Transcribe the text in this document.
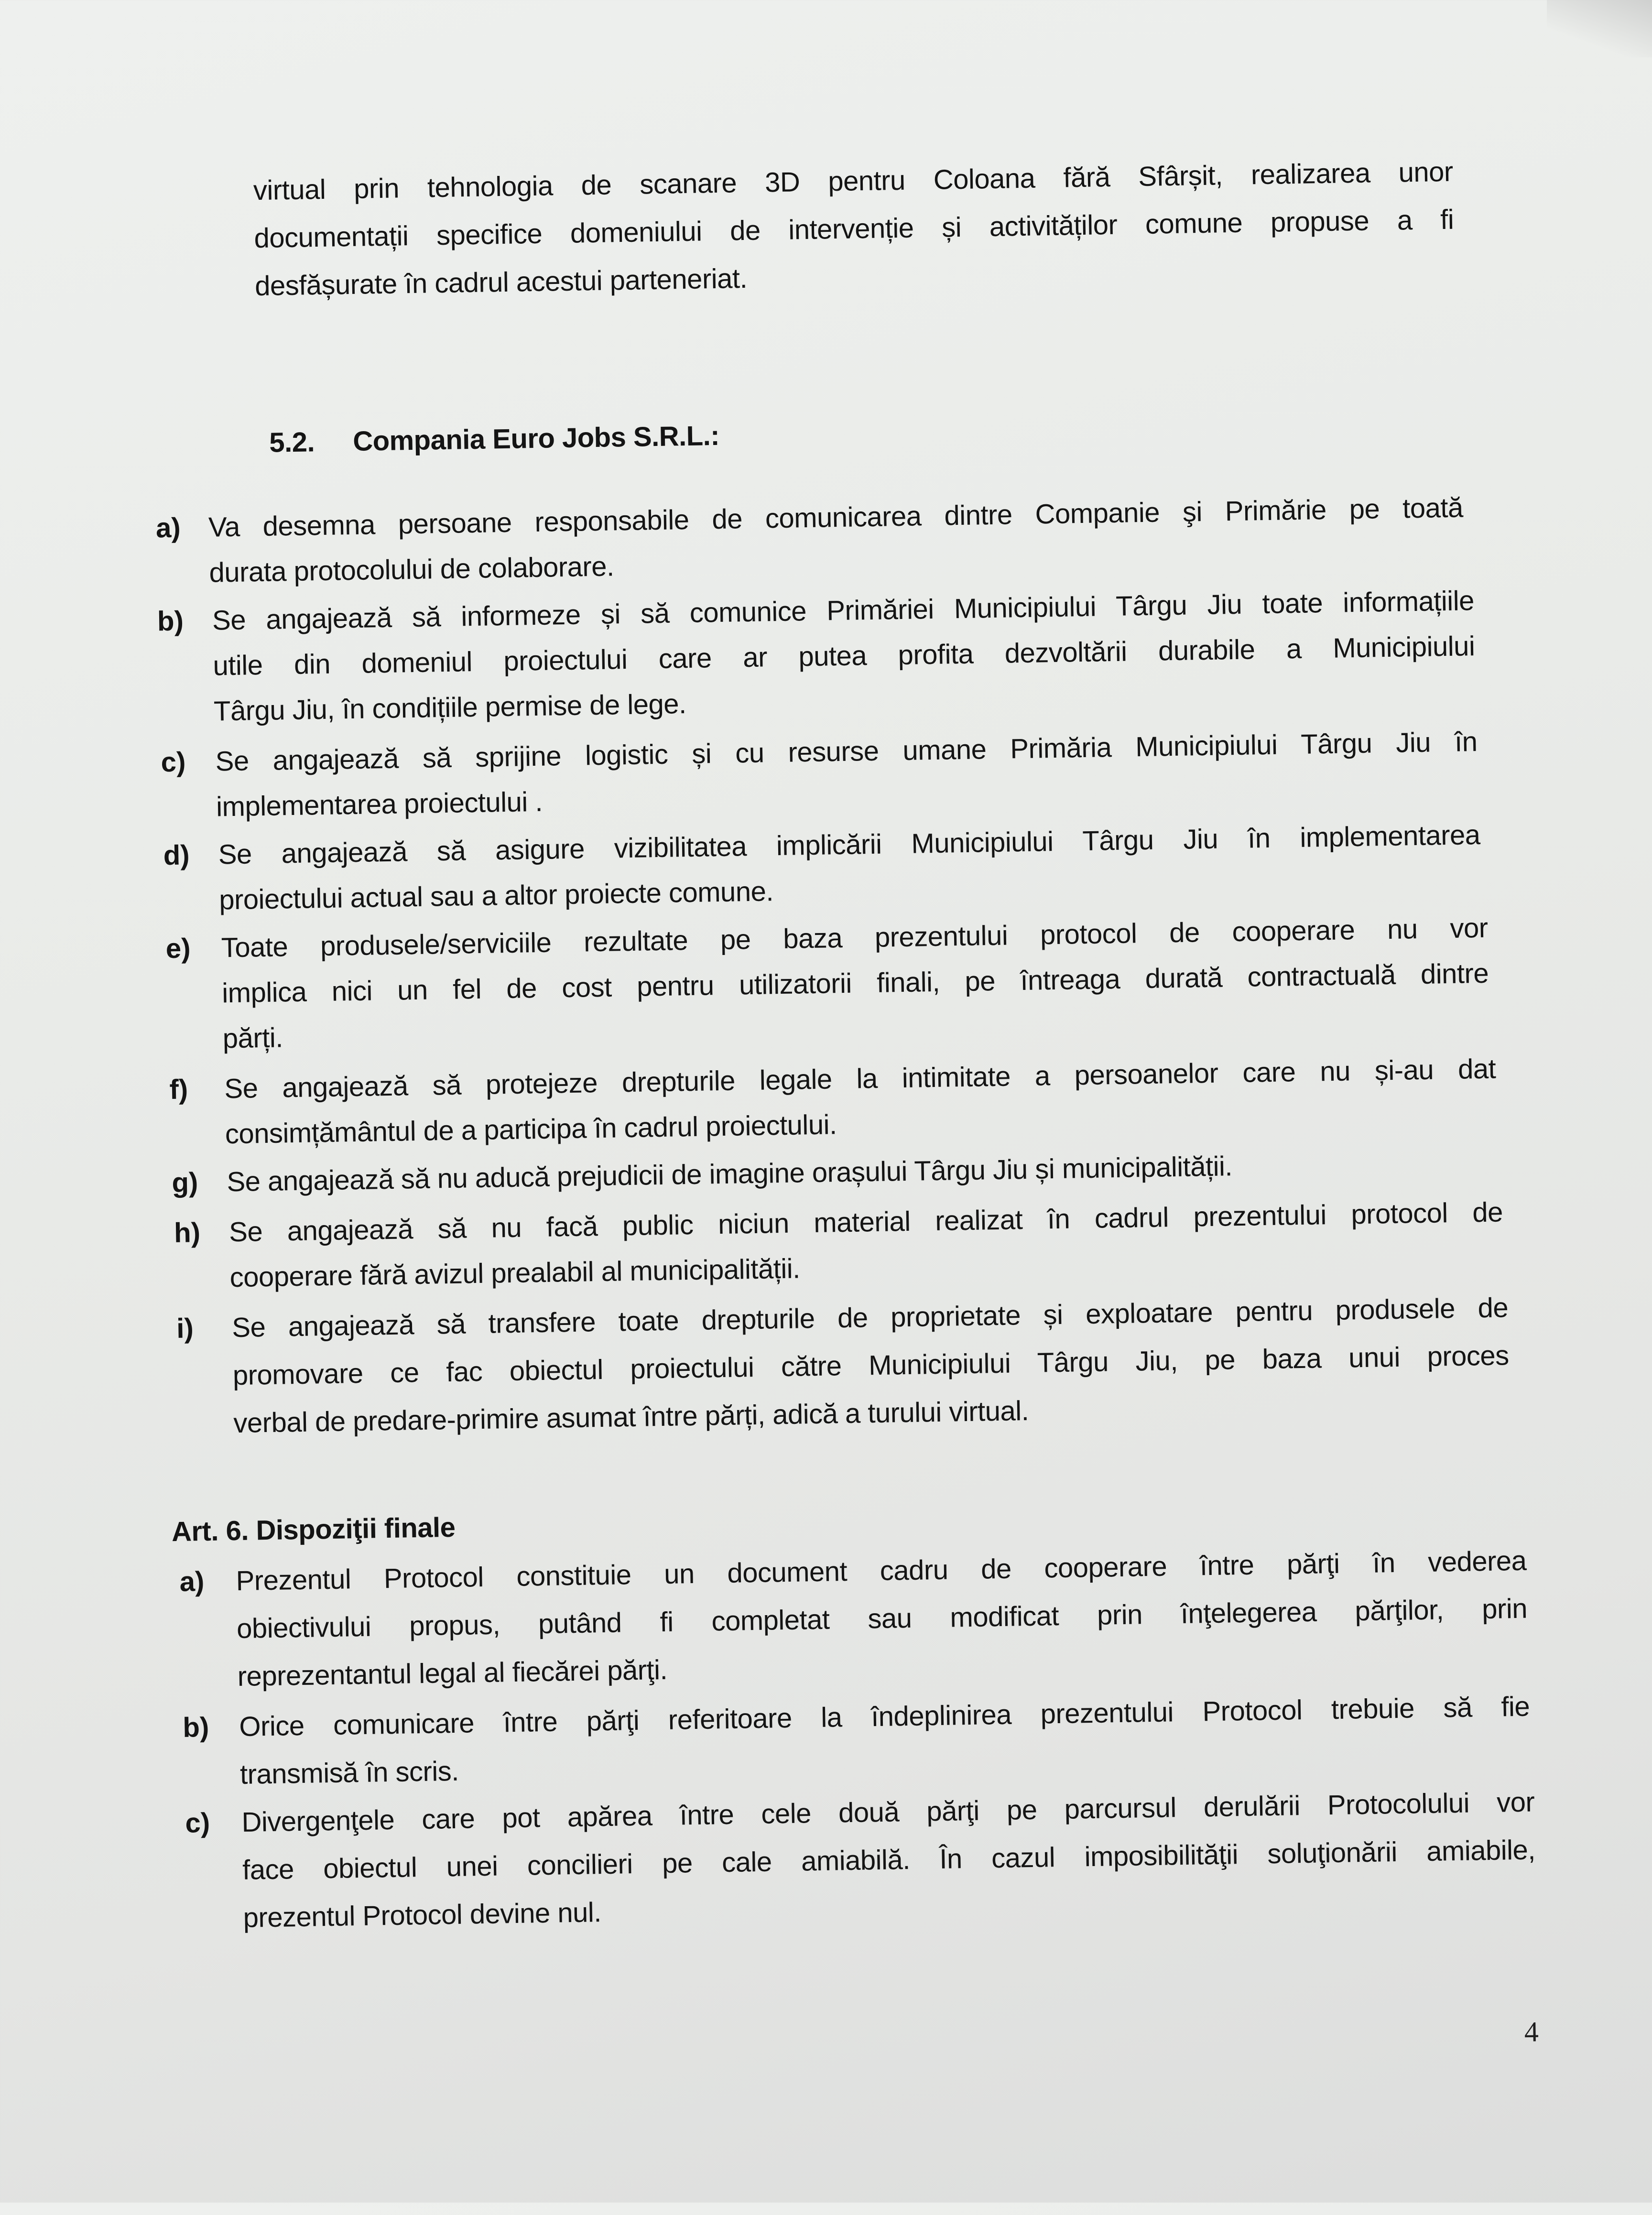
virtual prin tehnologia de scanare 3D pentru Coloana fără Sfârșit, realizarea unor
documentații specifice domeniului de intervenție și activităților comune propuse a fi
desfășurate în cadrul acestui parteneriat.
5.2. Compania Euro Jobs S.R.L.:
a) Va desemna persoane responsabile de comunicarea dintre Companie şi Primărie pe toată
durata protocolului de colaborare.
b) Se angajează să informeze și să comunice Primăriei Municipiului Târgu Jiu toate informațiile
utile din domeniul proiectului care ar putea profita dezvoltării durabile a Municipiului
Târgu Jiu, în condițiile permise de lege.
c) Se angajează să sprijine logistic și cu resurse umane Primăria Municipiului Târgu Jiu în
implementarea proiectului .
d) Se angajează să asigure vizibilitatea implicării Municipiului Târgu Jiu în implementarea
proiectului actual sau a altor proiecte comune.
e) Toate produsele/serviciile rezultate pe baza prezentului protocol de cooperare nu vor
implica nici un fel de cost pentru utilizatorii finali, pe întreaga durată contractuală dintre
părți.
f) Se angajează să protejeze drepturile legale la intimitate a persoanelor care nu și-au dat
consimțământul de a participa în cadrul proiectului.
g) Se angajează să nu aducă prejudicii de imagine orașului Târgu Jiu și municipalității.
h) Se angajează să nu facă public niciun material realizat în cadrul prezentului protocol de
cooperare fără avizul prealabil al municipalității.
i) Se angajează să transfere toate drepturile de proprietate și exploatare pentru produsele de
promovare ce fac obiectul proiectului către Municipiului Târgu Jiu, pe baza unui proces
verbal de predare-primire asumat între părți, adică a turului virtual.
Art. 6. Dispoziţii finale
a) Prezentul Protocol constituie un document cadru de cooperare între părţi în vederea
obiectivului propus, putând fi completat sau modificat prin înţelegerea părţilor, prin
reprezentantul legal al fiecărei părţi.
b) Orice comunicare între părţi referitoare la îndeplinirea prezentului Protocol trebuie să fie
transmisă în scris.
c) Divergenţele care pot apărea între cele două părţi pe parcursul derulării Protocolului vor
face obiectul unei concilieri pe cale amiabilă. În cazul imposibilităţii soluţionării amiabile,
prezentul Protocol devine nul.
4
